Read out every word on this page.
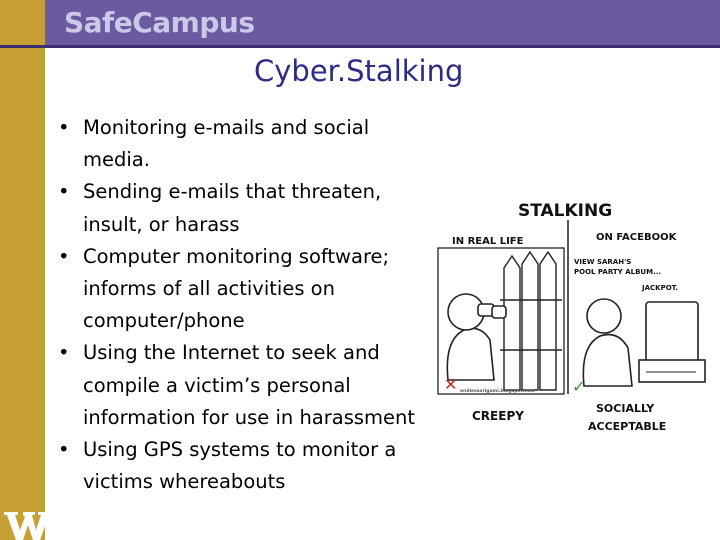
SafeCampus
Cyber.Stalking
• Monitoring e-mails and social media.
• Sending e-mails that threaten, insult, or harass
• Computer monitoring software; informs of all activities on computer/phone
• Using the Internet to seek and compile a victim’s personal information for use in harassment
• Using GPS systems to monitor a victims whereabouts
STALKING
IN REAL LIFE	ON FACEBOOK
VIEW SARAH'S
POOL PARTY ALBUM...
JACKPOT.
✕ endlessorigami.blogspot.com ✓
CREEPY
SOCIALLY
ACCEPTABLE
